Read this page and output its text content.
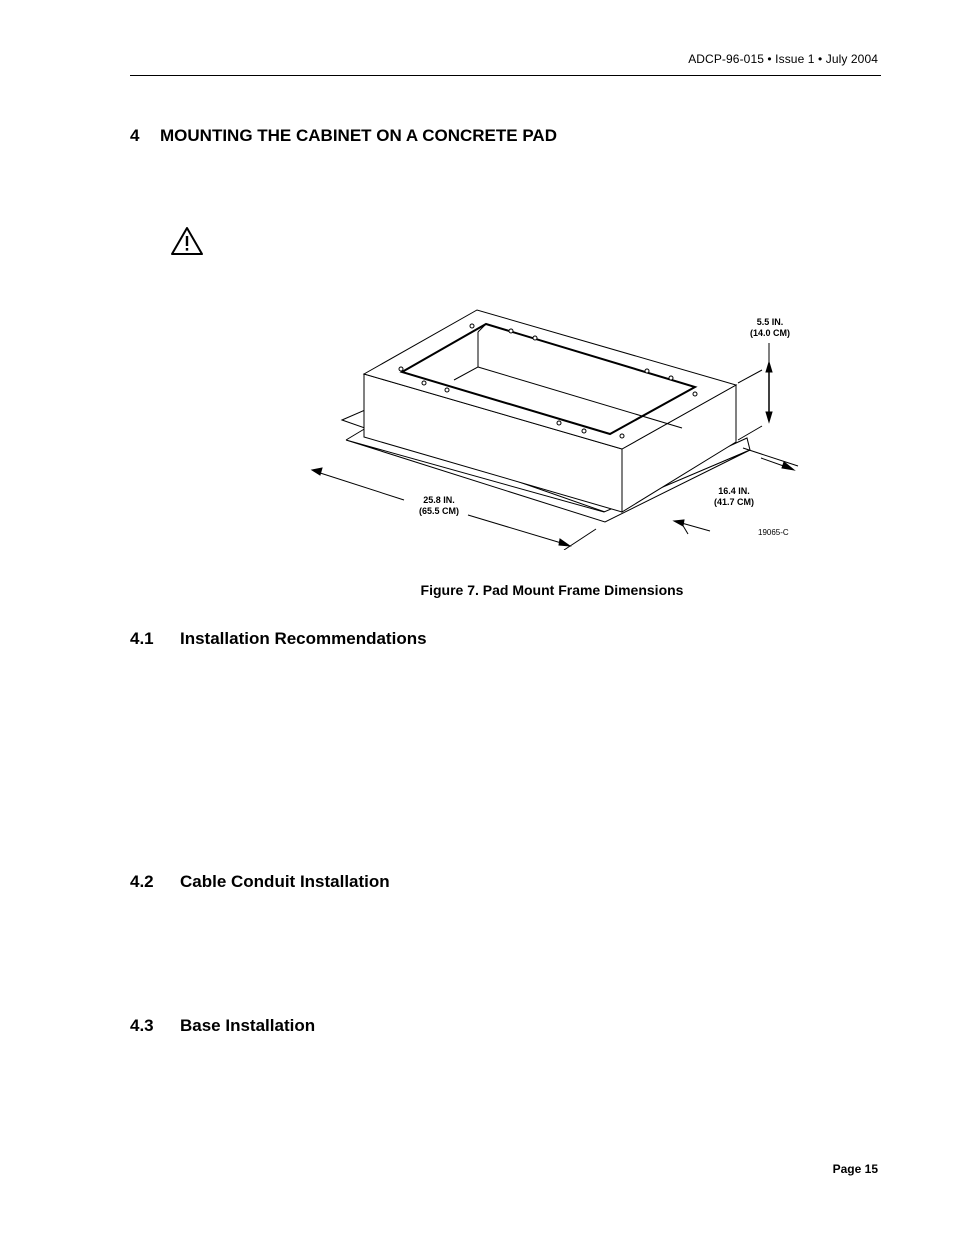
ADCP-96-015 • Issue 1 • July 2004
4 MOUNTING THE CABINET ON A CONCRETE PAD
5.5 IN.
(14.0 CM)
16.4 IN.
(41.7 CM)
25.8 IN.
(65.5 CM)
19065-C
Figure 7. Pad Mount Frame Dimensions
4.1 Installation Recommendations
4.2 Cable Conduit Installation
4.3 Base Installation
Page 15
